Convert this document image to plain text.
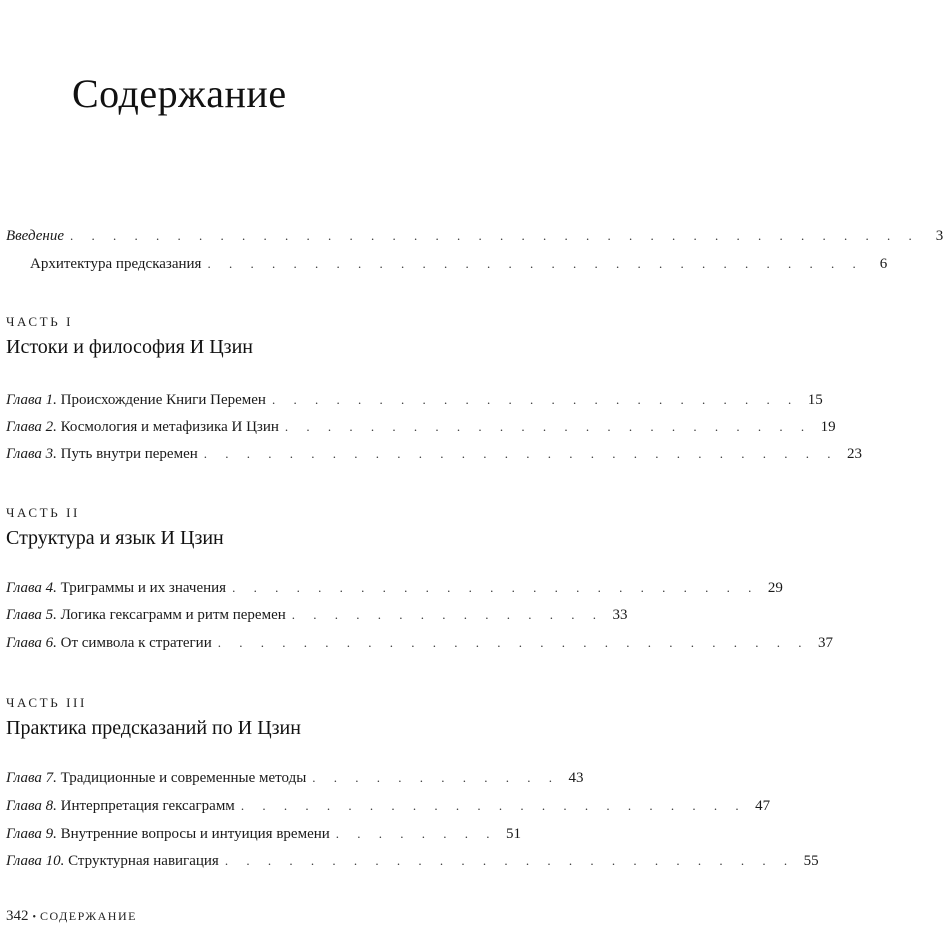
Содержание
Введение . . . . . . . . . . . . . . . . . . . . . . . . . . . . . . . . . . . . . . . .	3
Архитектура предсказания . . . . . . . . . . . . . . . . . . . . . . . . . . . . . . .	6
ЧАСТЬ I
Истоки и философия И Цзин
Глава 1. Происхождение Книги Перемен . . . . . . . . . . . . . . . . . . . . . . . . . 15
Глава 2. Космология и метафизика И Цзин . . . . . . . . . . . . . . . . . . . . . . . . . 19
Глава 3. Путь внутри перемен . . . . . . . . . . . . . . . . . . . . . . . . . . . . . . 23
ЧАСТЬ II
Структура и язык И Цзин
Глава 4. Триграммы и их значения . . . . . . . . . . . . . . . . . . . . . . . . . 29
Глава 5. Логика гексаграмм и ритм перемен . . . . . . . . . . . . . . . 33
Глава 6. От символа к стратегии . . . . . . . . . . . . . . . . . . . . . . . . . . . . 37
ЧАСТЬ III
Практика предсказаний по И Цзин
Глава 7. Традиционные и современные методы . . . . . . . . . . . . 43
Глава 8. Интерпретация гексаграмм . . . . . . . . . . . . . . . . . . . . . . . . 47
Глава 9. Внутренние вопросы и интуиция времени . . . . . . . . 51
Глава 10. Структурная навигация . . . . . . . . . . . . . . . . . . . . . . . . . . . 55
342 • СОДЕРЖАНИЕ
